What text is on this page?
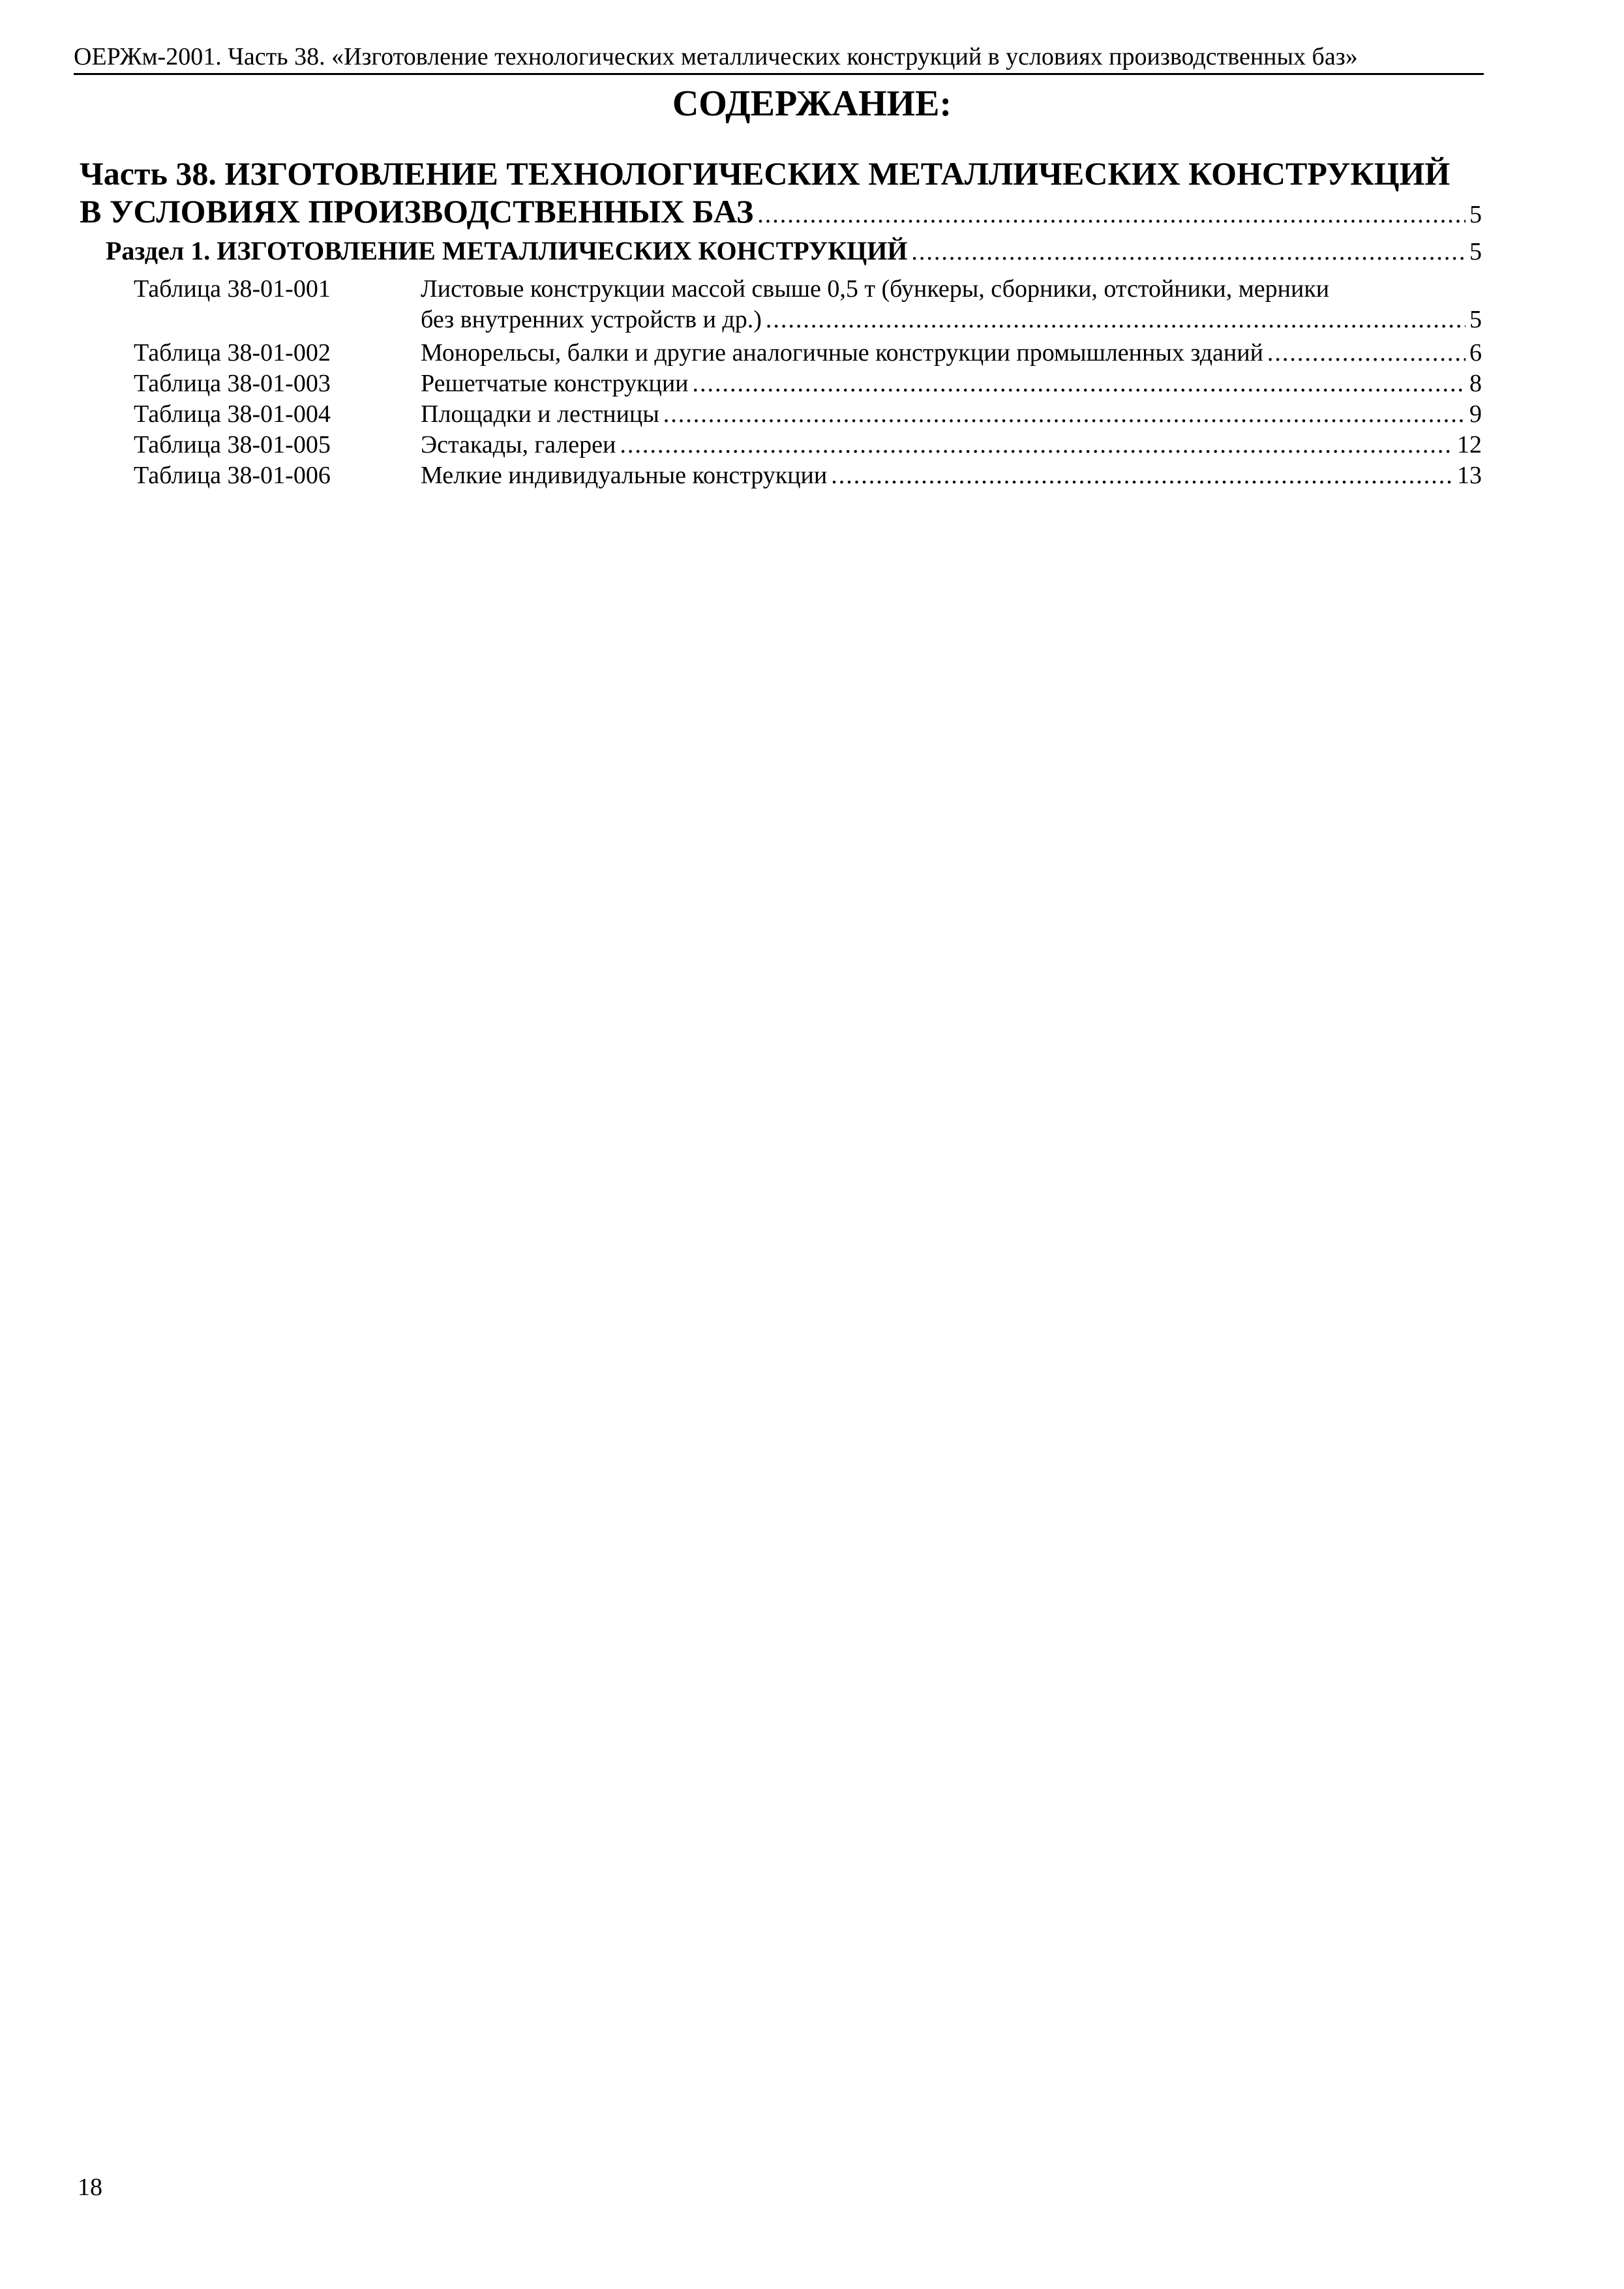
ОЕРЖм-2001. Часть 38. «Изготовление технологических металлических конструкций в условиях производственных баз»
СОДЕРЖАНИЕ:
Часть 38. ИЗГОТОВЛЕНИЕ ТЕХНОЛОГИЧЕСКИХ МЕТАЛЛИЧЕСКИХ КОНСТРУКЦИЙ
В УСЛОВИЯХ ПРОИЗВОДСТВЕННЫХ БАЗ .....	5
Раздел 1. ИЗГОТОВЛЕНИЕ МЕТАЛЛИЧЕСКИХ КОНСТРУКЦИЙ .....	5
Таблица 38-01-001	Листовые конструкции массой свыше 0,5 т (бункеры, сборники, отстойники, мерники
без внутренних устройств и др.) .....	5
Таблица 38-01-002	Монорельсы, балки и другие аналогичные конструкции промышленных зданий .....	6
Таблица 38-01-003	Решетчатые конструкции .....	8
Таблица 38-01-004	Площадки и лестницы .....	9
Таблица 38-01-005	Эстакады, галереи .....	12
Таблица 38-01-006	Мелкие индивидуальные конструкции .....	13
18
